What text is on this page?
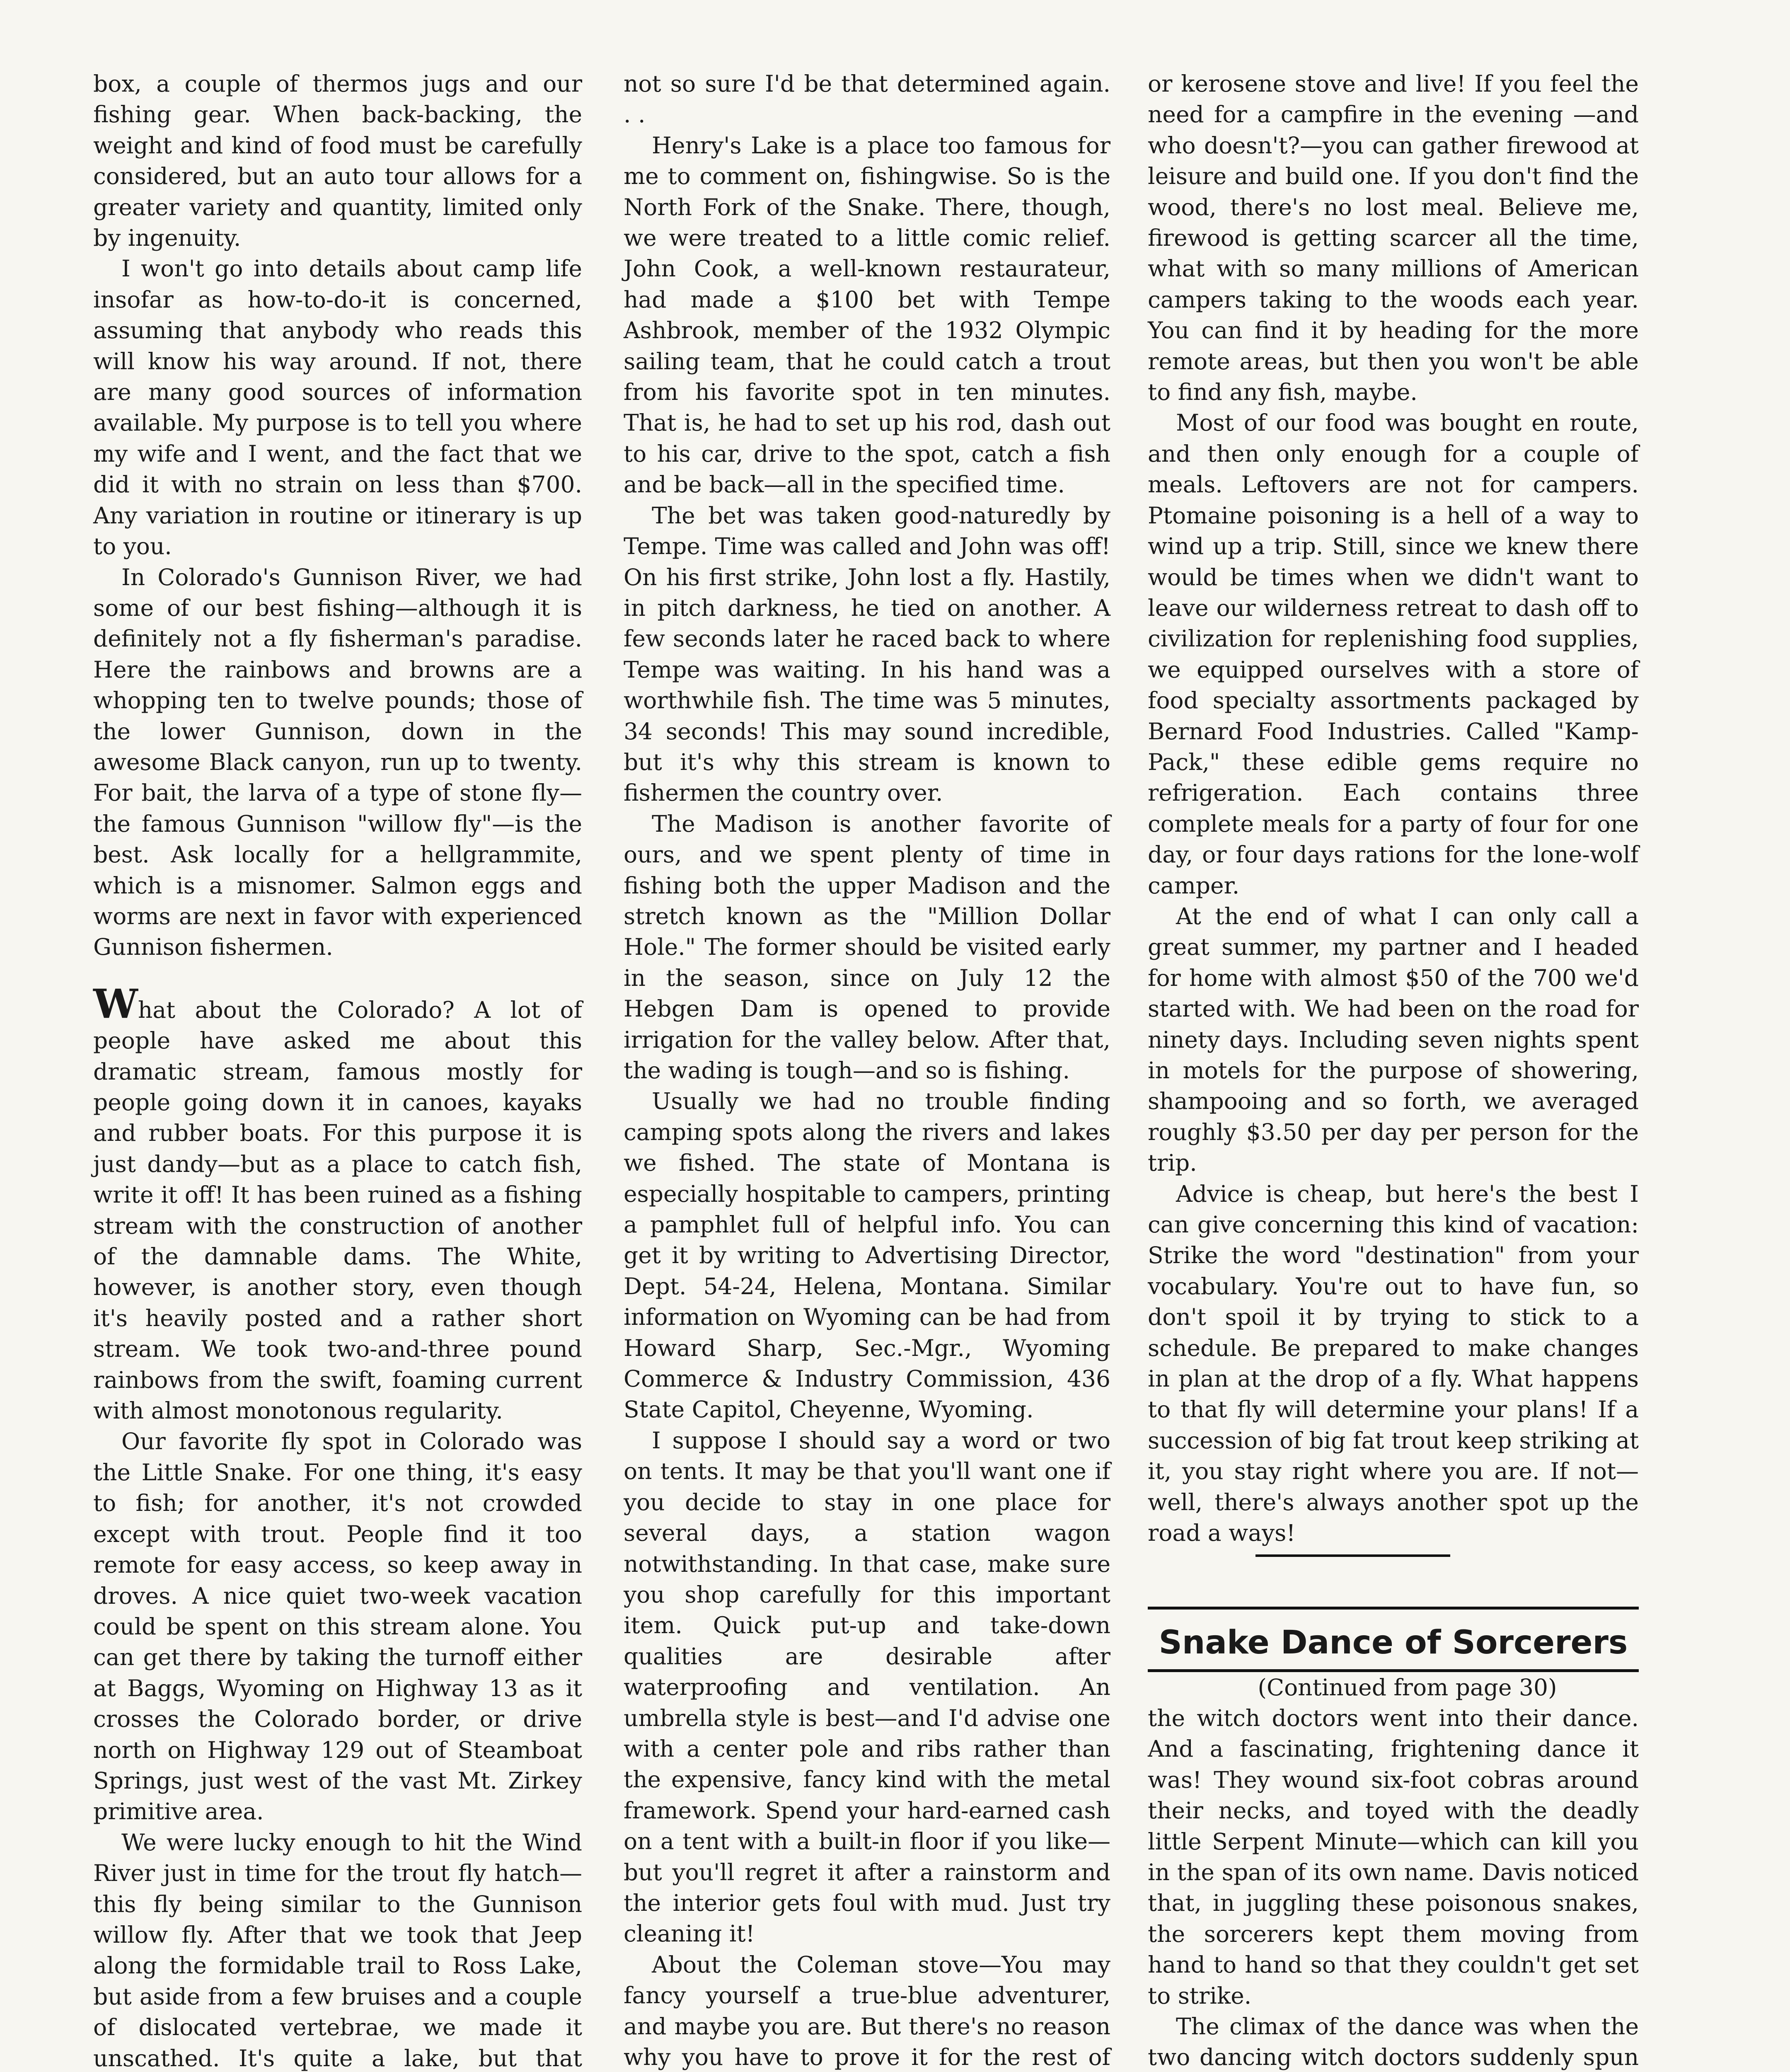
box, a couple of thermos jugs and our fishing gear. When back-backing, the weight and kind of food must be carefully considered, but an auto tour allows for a greater variety and quantity, limited only by ingenuity.

I won't go into details about camp life insofar as how-to-do-it is concerned, assuming that anybody who reads this will know his way around. If not, there are many good sources of information available. My purpose is to tell you where my wife and I went, and the fact that we did it with no strain on less than $700. Any variation in routine or itinerary is up to you.

In Colorado's Gunnison River, we had some of our best fishing—although it is definitely not a fly fisherman's paradise. Here the rainbows and browns are a whopping ten to twelve pounds; those of the lower Gunnison, down in the awesome Black canyon, run up to twenty. For bait, the larva of a type of stone fly—the famous Gunnison "willow fly"—is the best. Ask locally for a hellgrammite, which is a misnomer. Salmon eggs and worms are next in favor with experienced Gunnison fishermen.

What about the Colorado? A lot of people have asked me about this dramatic stream, famous mostly for people going down it in canoes, kayaks and rubber boats. For this purpose it is just dandy—but as a place to catch fish, write it off! It has been ruined as a fishing stream with the construction of another of the damnable dams. The White, however, is another story, even though it's heavily posted and a rather short stream. We took two-and-three pound rainbows from the swift, foaming current with almost monotonous regularity.

Our favorite fly spot in Colorado was the Little Snake. For one thing, it's easy to fish; for another, it's not crowded except with trout. People find it too remote for easy access, so keep away in droves. A nice quiet two-week vacation could be spent on this stream alone. You can get there by taking the turnoff either at Baggs, Wyoming on Highway 13 as it crosses the Colorado border, or drive north on Highway 129 out of Steamboat Springs, just west of the vast Mt. Zirkey primitive area.

We were lucky enough to hit the Wind River just in time for the trout fly hatch—this fly being similar to the Gunnison willow fly. After that we took that Jeep along the formidable trail to Ross Lake, but aside from a few bruises and a couple of dislocated vertebrae, we made it unscathed. It's quite a lake, but that

not so sure I'd be that determined again. . .

Henry's Lake is a place too famous for me to comment on, fishingwise. So is the North Fork of the Snake. There, though, we were treated to a little comic relief. John Cook, a well-known restaurateur, had made a $100 bet with Tempe Ashbrook, member of the 1932 Olympic sailing team, that he could catch a trout from his favorite spot in ten minutes. That is, he had to set up his rod, dash out to his car, drive to the spot, catch a fish and be back—all in the specified time.

The bet was taken good-naturedly by Tempe. Time was called and John was off! On his first strike, John lost a fly. Hastily, in pitch darkness, he tied on another. A few seconds later he raced back to where Tempe was waiting. In his hand was a worthwhile fish. The time was 5 minutes, 34 seconds! This may sound incredible, but it's why this stream is known to fishermen the country over.

The Madison is another favorite of ours, and we spent plenty of time in fishing both the upper Madison and the stretch known as the "Million Dollar Hole." The former should be visited early in the season, since on July 12 the Hebgen Dam is opened to provide irrigation for the valley below. After that, the wading is tough—and so is fishing.

Usually we had no trouble finding camping spots along the rivers and lakes we fished. The state of Montana is especially hospitable to campers, printing a pamphlet full of helpful info. You can get it by writing to Advertising Director, Dept. 54-24, Helena, Montana. Similar information on Wyoming can be had from Howard Sharp, Sec.-Mgr., Wyoming Commerce & Industry Commission, 436 State Capitol, Cheyenne, Wyoming.

I suppose I should say a word or two on tents. It may be that you'll want one if you decide to stay in one place for several days, a station wagon notwithstanding. In that case, make sure you shop carefully for this important item. Quick put-up and take-down qualities are desirable after waterproofing and ventilation. An umbrella style is best—and I'd advise one with a center pole and ribs rather than the expensive, fancy kind with the metal framework. Spend your hard-earned cash on a tent with a built-in floor if you like—but you'll regret it after a rainstorm and the interior gets foul with mud. Just try cleaning it!

About the Coleman stove—You may fancy yourself a true-blue adventurer, and maybe you are. But there's no reason why you have to prove it for the rest of

or kerosene stove and live! If you feel the need for a campfire in the evening —and who doesn't?—you can gather firewood at leisure and build one. If you don't find the wood, there's no lost meal. Believe me, firewood is getting scarcer all the time, what with so many millions of American campers taking to the woods each year. You can find it by heading for the more remote areas, but then you won't be able to find any fish, maybe.

Most of our food was bought en route, and then only enough for a couple of meals. Leftovers are not for campers. Ptomaine poisoning is a hell of a way to wind up a trip. Still, since we knew there would be times when we didn't want to leave our wilderness retreat to dash off to civilization for replenishing food supplies, we equipped ourselves with a store of food specialty assortments packaged by Bernard Food Industries. Called "Kamp-Pack," these edible gems require no refrigeration. Each contains three complete meals for a party of four for one day, or four days rations for the lone-wolf camper.

At the end of what I can only call a great summer, my partner and I headed for home with almost $50 of the 700 we'd started with. We had been on the road for ninety days. Including seven nights spent in motels for the purpose of showering, shampooing and so forth, we averaged roughly $3.50 per day per person for the trip.

Advice is cheap, but here's the best I can give concerning this kind of vacation: Strike the word "destination" from your vocabulary. You're out to have fun, so don't spoil it by trying to stick to a schedule. Be prepared to make changes in plan at the drop of a fly. What happens to that fly will determine your plans! If a succession of big fat trout keep striking at it, you stay right where you are. If not—well, there's always another spot up the road a ways!

Snake Dance of Sorcerers

(Continued from page 30)

the witch doctors went into their dance. And a fascinating, frightening dance it was! They wound six-foot cobras around their necks, and toyed with the deadly little Serpent Minute—which can kill you in the span of its own name. Davis noticed that, in juggling these poisonous snakes, the sorcerers kept them moving from hand to hand so that they couldn't get set to strike.

The climax of the dance was when the two dancing witch doctors suddenly spun
